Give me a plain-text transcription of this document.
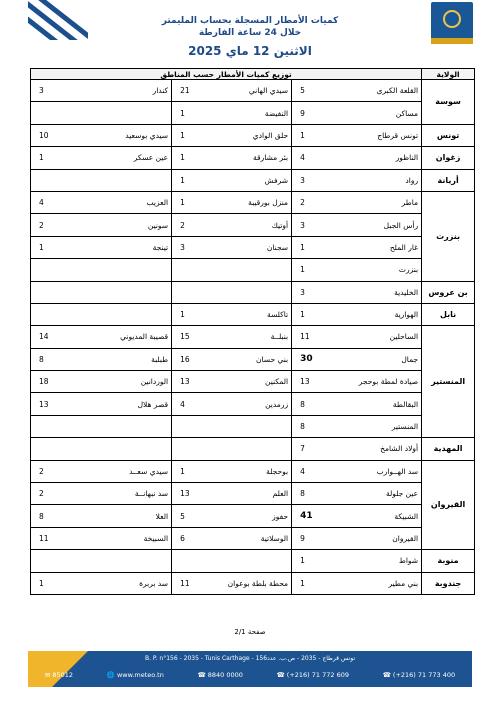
كميات الأمطار المسجلة بحساب المليمتر
خلال 24 ساعة الفارطة
الاثنين 12 ماي 2025
الولاية	توزيع كميات الأمطار حسب المناطق					
سوسة	القلعة الكبرى	5	سيدي الهاني	21	كندار	3
	مساكن	9	النفيضة	1		
تونس	تونس قرطاج	1	حلق الوادي	1	سيدي بوسعيد	10
زغوان	الناظور	4	بئر مشارقة	1	عين عسكر	1
أريانة	رواد	3	شرفش	1		
بنزرت	ماطر	2	منزل بورقيبة	1	العزيب	4
	رأس الجبل	3	أوتيك	2	سونين	2
	غار الملح	1	سجنان	3	تينجة	1
	بنزرت	1				
بن عروس	الخليدية	3				
نابل	الهوارية	1	تاكلسة	1		
المنستير	الساحلين	11	بنبلــة	15	قصيبة المديوني	14
	جمال	30	بني حسان	16	طبلبة	8
	صيادة لمطة بوحجر	13	المكنين	13	الوردانين	18
	البقالطة	8	زرمدين	4	قصر هلال	13
	المنستير	8				
المهدية	أولاد الشامخ	7				
القيروان	سد الهــوارب	4	بوحجلة	1	سيدي سعــد	2
	عين جلولة	8	العلم	13	سد نبهانــة	2
	الشبيكة	41	حفوز	5	العلا	8
	القيروان	9	الوسلاتية	6	السبيخة	11
منوبة	شواط	1				
جندوبة	بني مطير	1	محطة بلطة بوعوان	11	سد بربرة	1
صفحة 2/1
B. P. n°156 - 2035 - Tunis Carthage - تونس قرطاج - 2035 - ص.ب. عدد156
✉ 85012	🌐 www.meteo.tn	☎ 8840 0000	☎ (+216) 71 772 609	☎ (+216) 71 773 400
